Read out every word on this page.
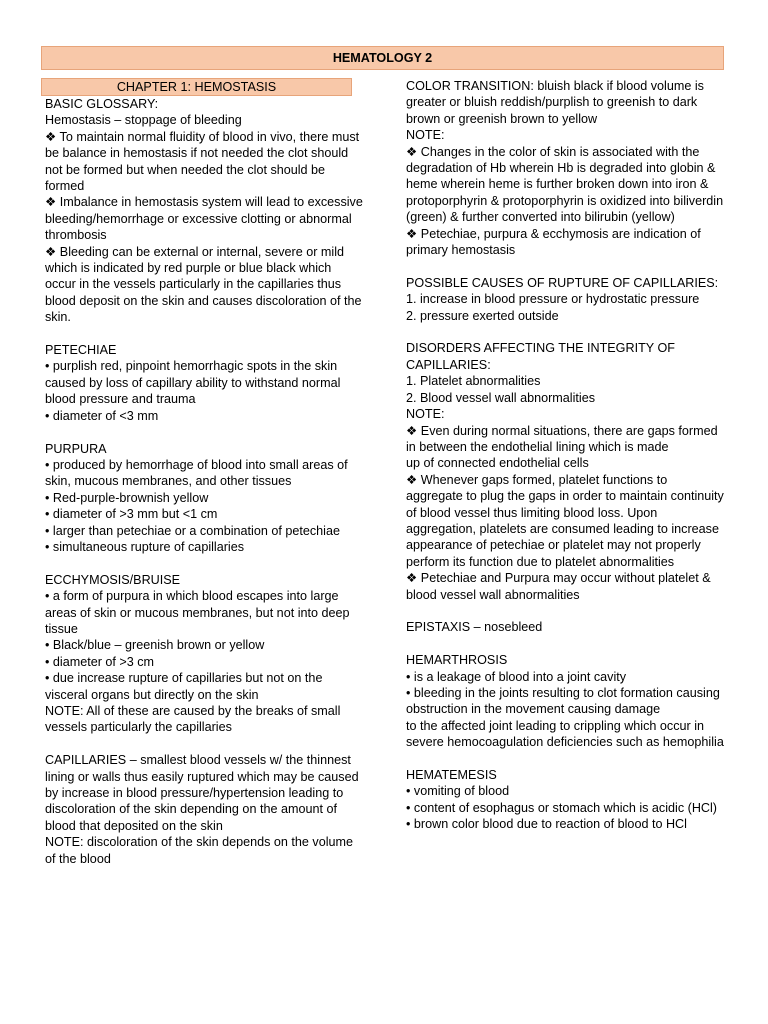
HEMATOLOGY 2
CHAPTER 1: HEMOSTASIS

BASIC GLOSSARY:

Hemostasis – stoppage of bleeding

❖ To maintain normal fluidity of blood in vivo, there must be balance in hemostasis if not needed the clot should not be formed but when needed the clot should be formed

❖ Imbalance in hemostasis system will lead to excessive bleeding/hemorrhage or excessive clotting or abnormal thrombosis

❖ Bleeding can be external or internal, severe or mild which is indicated by red purple or blue black which occur in the vessels particularly in the capillaries thus blood deposit on the skin and causes discoloration of the skin.

PETECHIAE

• purplish red, pinpoint hemorrhagic spots in the skin caused by loss of capillary ability to withstand normal blood pressure and trauma

• diameter of <3 mm

PURPURA

• produced by hemorrhage of blood into small areas of skin, mucous membranes, and other tissues

• Red-purple-brownish yellow

• diameter of >3 mm but <1 cm

• larger than petechiae or a combination of petechiae

• simultaneous rupture of capillaries

ECCHYMOSIS/BRUISE

• a form of purpura in which blood escapes into large areas of skin or mucous membranes, but not into deep tissue

• Black/blue – greenish brown or yellow

• diameter of >3 cm

• due increase rupture of capillaries but not on the visceral organs but directly on the skin

NOTE: All of these are caused by the breaks of small vessels particularly the capillaries

CAPILLARIES – smallest blood vessels w/ the thinnest lining or walls thus easily ruptured which may be caused by increase in blood pressure/hypertension leading to discoloration of the skin depending on the amount of blood that deposited on the skin

NOTE: discoloration of the skin depends on the volume of the blood

COLOR TRANSITION: bluish black if blood volume is greater or bluish reddish/purplish to greenish to dark brown or greenish brown to yellow

NOTE:

❖ Changes in the color of skin is associated with the degradation of Hb wherein Hb is degraded into globin & heme wherein heme is further broken down into iron & protoporphyrin & protoporphyrin is oxidized into biliverdin (green) & further converted into bilirubin (yellow)

❖ Petechiae, purpura & ecchymosis are indication of primary hemostasis

POSSIBLE CAUSES OF RUPTURE OF CAPILLARIES:

1. increase in blood pressure or hydrostatic pressure

2. pressure exerted outside

DISORDERS AFFECTING THE INTEGRITY OF CAPILLARIES:

1. Platelet abnormalities

2. Blood vessel wall abnormalities

NOTE:

❖ Even during normal situations, there are gaps formed in between the endothelial lining which is made

up of connected endothelial cells

❖ Whenever gaps formed, platelet functions to aggregate to plug the gaps in order to maintain continuity of blood vessel thus limiting blood loss. Upon aggregation, platelets are consumed leading to increase appearance of petechiae or platelet may not properly perform its function due to platelet abnormalities

❖ Petechiae and Purpura may occur without platelet & blood vessel wall abnormalities

EPISTAXIS – nosebleed

HEMARTHROSIS

• is a leakage of blood into a joint cavity

• bleeding in the joints resulting to clot formation causing obstruction in the movement causing damage

to the affected joint leading to crippling which occur in severe hemocoagulation deficiencies such as hemophilia

HEMATEMESIS

• vomiting of blood

• content of esophagus or stomach which is acidic (HCl)

• brown color blood due to reaction of blood to HCl
